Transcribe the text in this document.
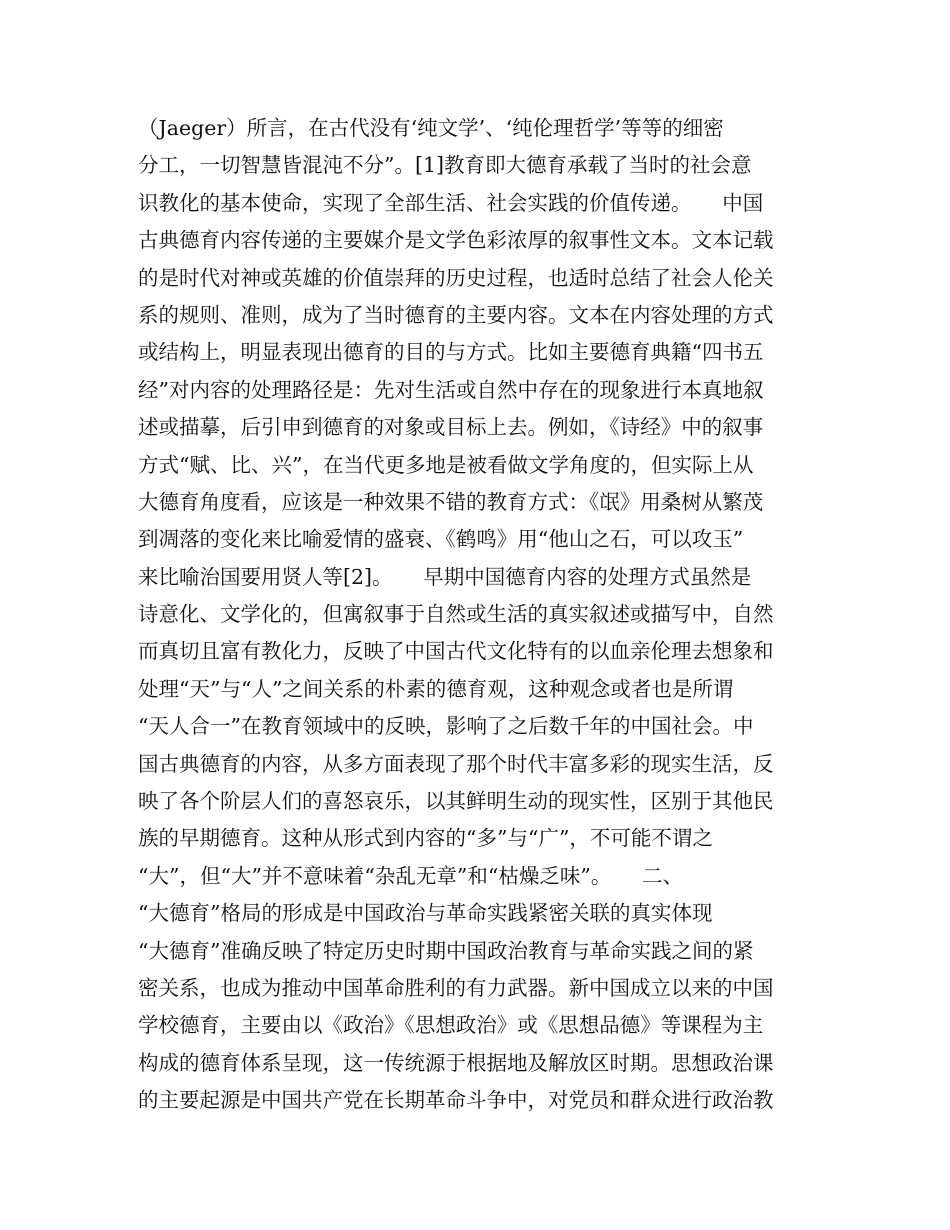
（Jaeger）所言，在古代没有‘纯文学’、‘纯伦理哲学’等等的细密
分工，一切智慧皆混沌不分”。[1]教育即大德育承载了当时的社会意
识教化的基本使命，实现了全部生活、社会实践的价值传递。　　中国
古典德育内容传递的主要媒介是文学色彩浓厚的叙事性文本。文本记载
的是时代对神或英雄的价值崇拜的历史过程，也适时总结了社会人伦关
系的规则、准则，成为了当时德育的主要内容。文本在内容处理的方式
或结构上，明显表现出德育的目的与方式。比如主要德育典籍“四书五
经”对内容的处理路径是：先对生活或自然中存在的现象进行本真地叙
述或描摹，后引申到德育的对象或目标上去。例如，《诗经》中的叙事
方式“赋、比、兴”，在当代更多地是被看做文学角度的，但实际上从
大德育角度看，应该是一种效果不错的教育方式：《氓》用桑树从繁茂
到凋落的变化来比喻爱情的盛衰、《鹤鸣》用“他山之石，可以攻玉”
来比喻治国要用贤人等[2]。　　早期中国德育内容的处理方式虽然是
诗意化、文学化的，但寓叙事于自然或生活的真实叙述或描写中，自然
而真切且富有教化力，反映了中国古代文化特有的以血亲伦理去想象和
处理“天”与“人”之间关系的朴素的德育观，这种观念或者也是所谓
“天人合一”在教育领域中的反映，影响了之后数千年的中国社会。中
国古典德育的内容，从多方面表现了那个时代丰富多彩的现实生活，反
映了各个阶层人们的喜怒哀乐，以其鲜明生动的现实性，区别于其他民
族的早期德育。这种从形式到内容的“多”与“广”，不可能不谓之
“大”，但“大”并不意味着“杂乱无章”和“枯燥乏味”。　　二、
“大德育”格局的形成是中国政治与革命实践紧密关联的真实体现　　
“大德育”准确反映了特定历史时期中国政治教育与革命实践之间的紧
密关系，也成为推动中国革命胜利的有力武器。新中国成立以来的中国
学校德育，主要由以《政治》《思想政治》或《思想品德》等课程为主
构成的德育体系呈现，这一传统源于根据地及解放区时期。思想政治课
的主要起源是中国共产党在长期革命斗争中，对党员和群众进行政治教
